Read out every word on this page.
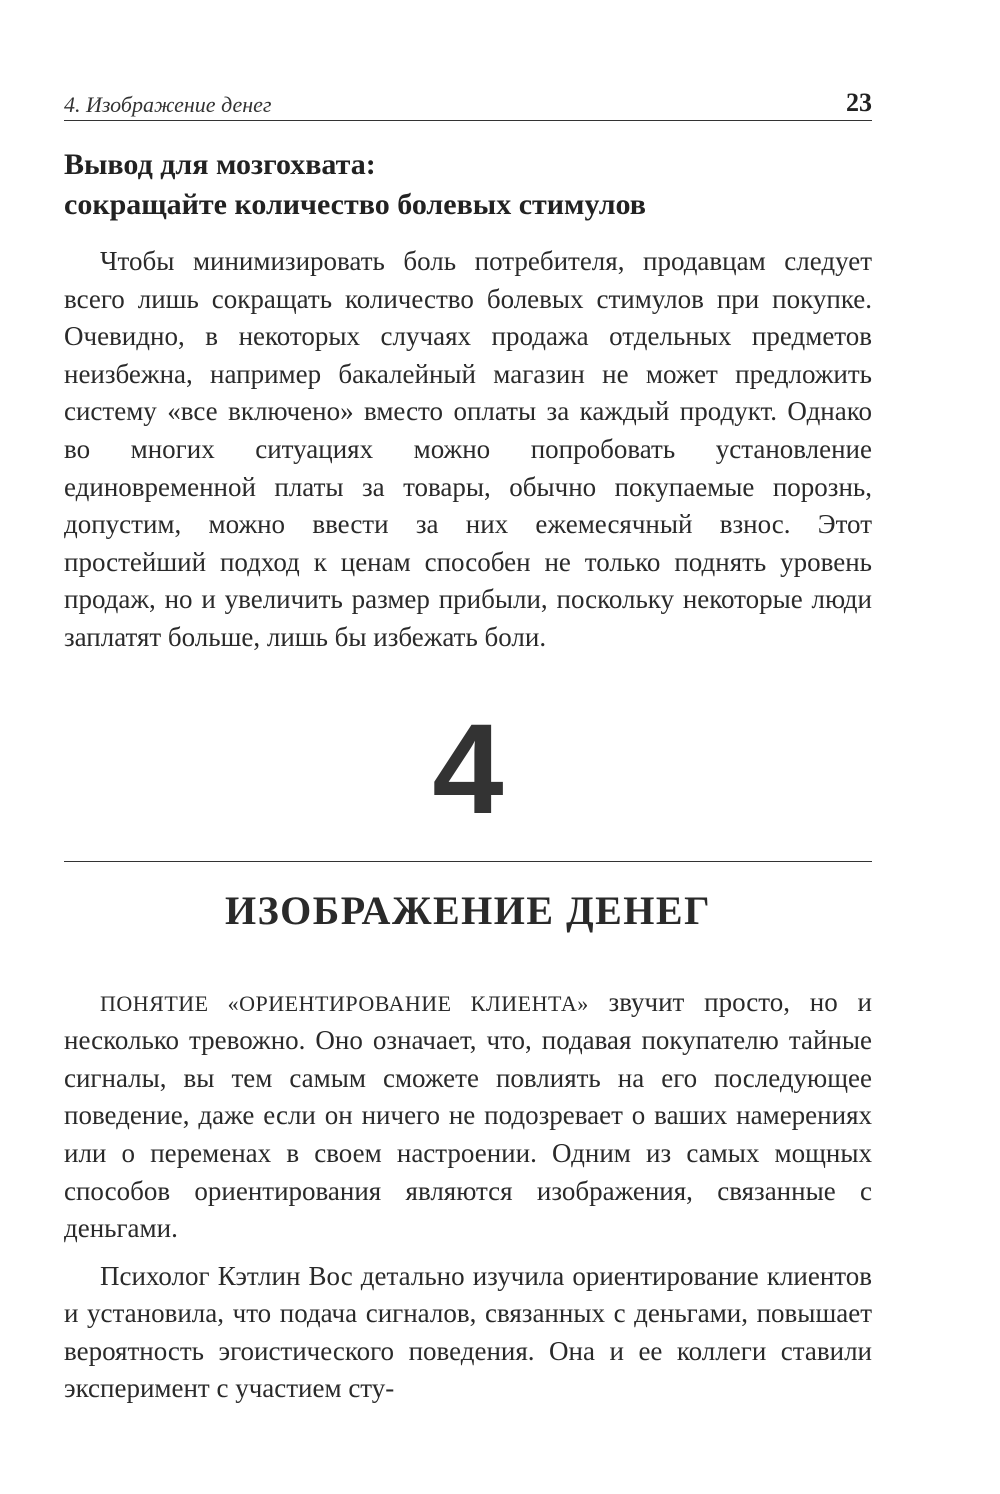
4. Изображение денег	23
Вывод для мозгохвата:
сокращайте количество болевых стимулов

Чтобы минимизировать боль потребителя, продавцам следует всего лишь сокращать количество болевых стимулов при покупке. Очевидно, в некоторых случаях продажа отдельных предметов неизбежна, например бакалейный магазин не может предложить систему «все включено» вместо оплаты за каждый продукт. Однако во многих ситуациях можно попробовать установление единовременной платы за товары, обычно покупаемые порознь, допустим, можно ввести за них ежемесячный взнос. Этот простейший подход к ценам способен не только поднять уровень продаж, но и увеличить размер прибыли, поскольку некоторые люди заплатят больше, лишь бы избежать боли.

4
ИЗОБРАЖЕНИЕ ДЕНЕГ

ПОНЯТИЕ «ОРИЕНТИРОВАНИЕ КЛИЕНТА» звучит просто, но и несколько тревожно. Оно означает, что, подавая покупателю тайные сигналы, вы тем самым сможете повлиять на его последующее поведение, даже если он ничего не подозревает о ваших намерениях или о переменах в своем настроении. Одним из самых мощных способов ориентирования являются изображения, связанные с деньгами.

Психолог Кэтлин Вос детально изучила ориентирование клиентов и установила, что подача сигналов, связанных с деньгами, повышает вероятность эгоистического поведения. Она и ее коллеги ставили эксперимент с участием сту-
